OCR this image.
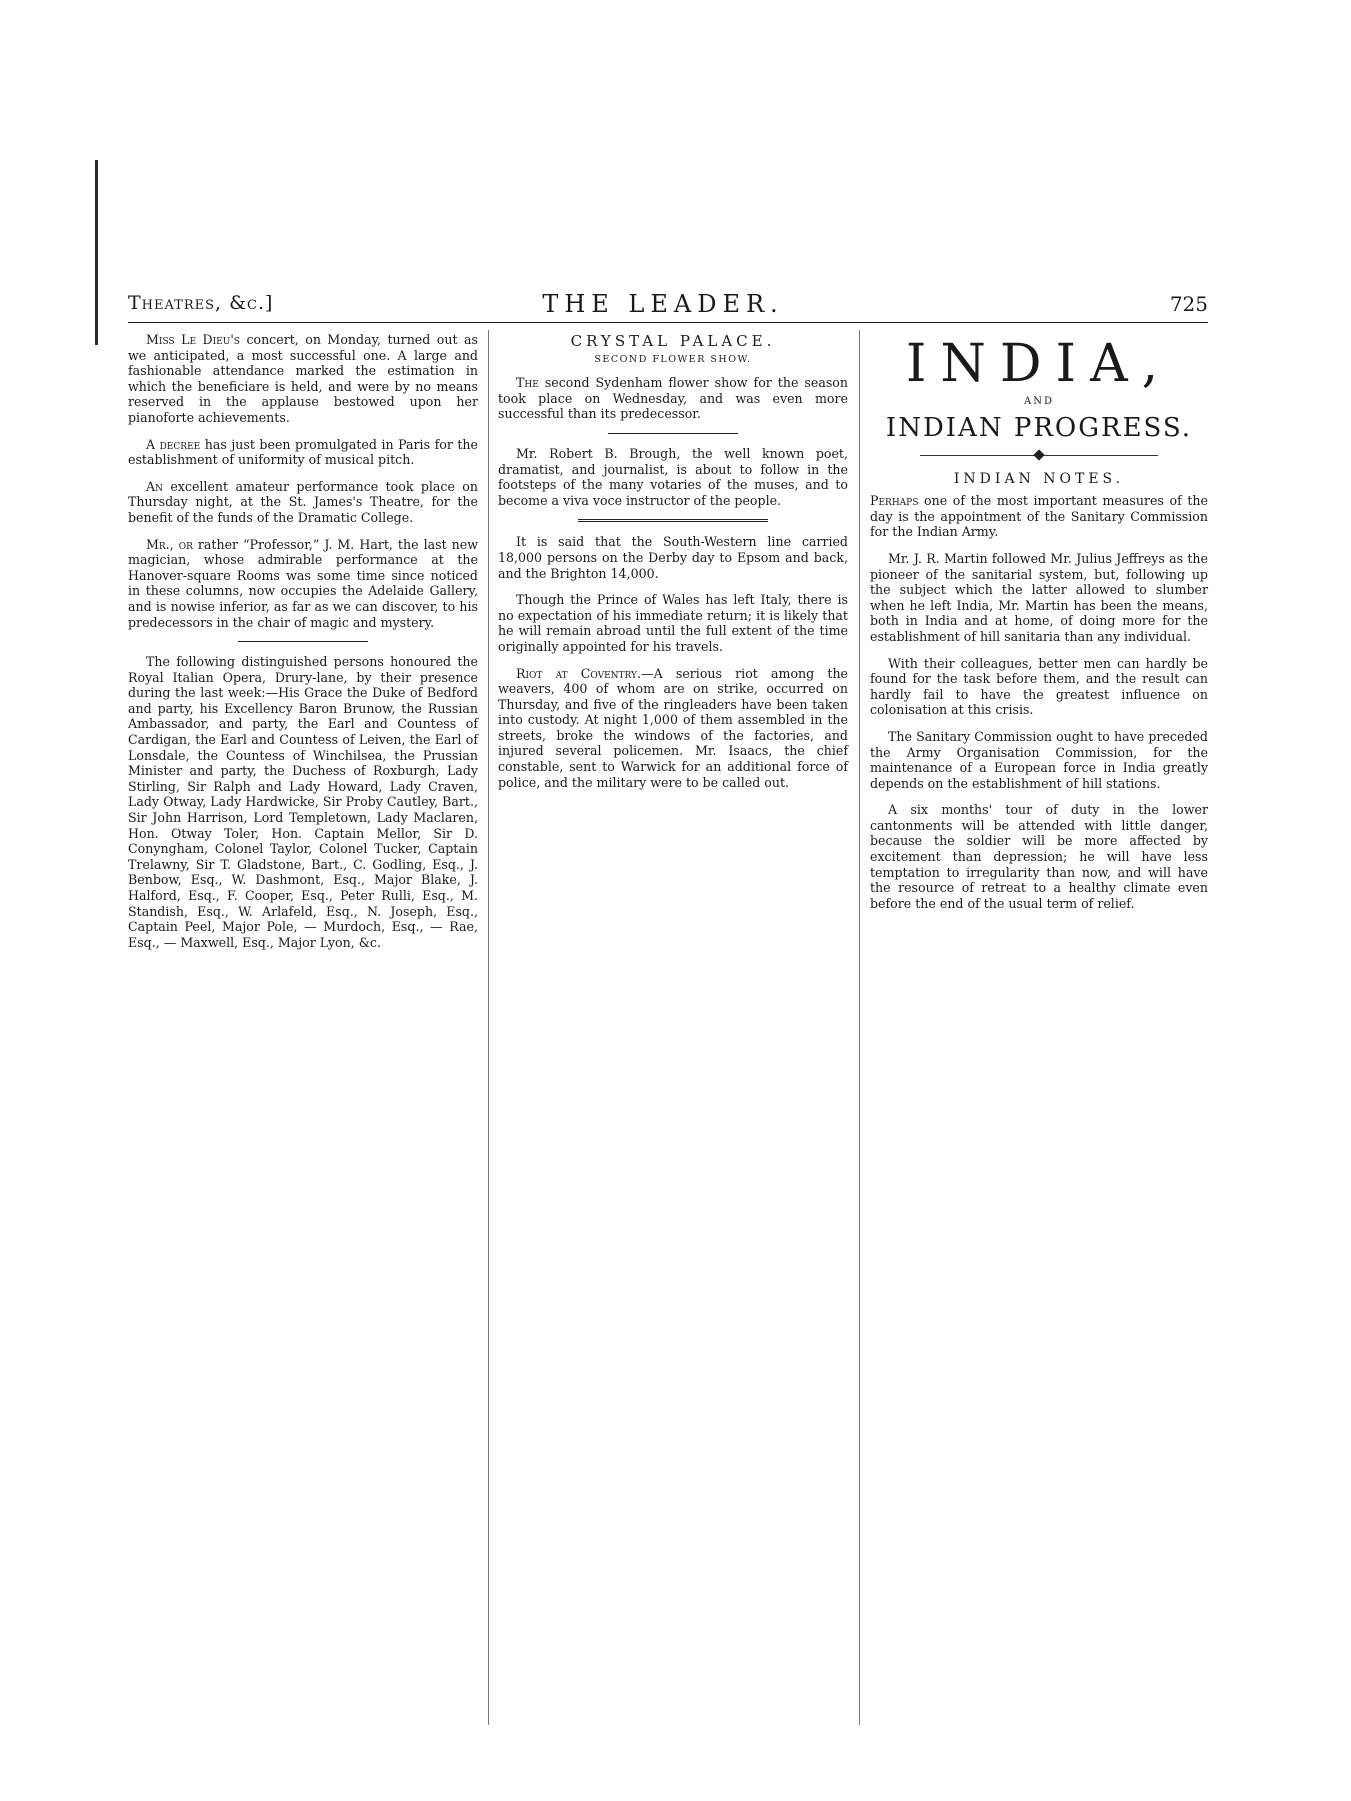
Theatres, &c.]	THE LEADER.	725

Miss Le Dieu's concert, on Monday, turned out as we anticipated, a most successful one. A large and fashionable attendance marked the estimation in which the beneficiare is held, and were by no means reserved in the applause bestowed upon her pianoforte achievements.

A decree has just been promulgated in Paris for the establishment of uniformity of musical pitch.

An excellent amateur performance took place on Thursday night, at the St. James's Theatre, for the benefit of the funds of the Dramatic College.

Mr., or rather “Professor,” J. M. Hart, the last new magician, whose admirable performance at the Hanover-square Rooms was some time since noticed in these columns, now occupies the Adelaide Gallery, and is nowise inferior, as far as we can discover, to his predecessors in the chair of magic and mystery.

The following distinguished persons honoured the Royal Italian Opera, Drury-lane, by their presence during the last week:—His Grace the Duke of Bedford and party, his Excellency Baron Brunow, the Russian Ambassador, and party, the Earl and Countess of Cardigan, the Earl and Countess of Leiven, the Earl of Lonsdale, the Countess of Winchilsea, the Prussian Minister and party, the Duchess of Roxburgh, Lady Stirling, Sir Ralph and Lady Howard, Lady Craven, Lady Otway, Lady Hardwicke, Sir Proby Cautley, Bart., Sir John Harrison, Lord Templetown, Lady Maclaren, Hon. Otway Toler, Hon. Captain Mellor, Sir D. Conyngham, Colonel Taylor, Colonel Tucker, Captain Trelawny, Sir T. Gladstone, Bart., C. Godling, Esq., J. Benbow, Esq., W. Dashmont, Esq., Major Blake, J. Halford, Esq., F. Cooper, Esq., Peter Rulli, Esq., M. Standish, Esq., W. Arlafeld, Esq., N. Joseph, Esq., Captain Peel, Major Pole, — Murdoch, Esq., — Rae, Esq., — Maxwell, Esq., Major Lyon, &c.

CRYSTAL PALACE.
SECOND FLOWER SHOW.

The second Sydenham flower show for the season took place on Wednesday, and was even more successful than its predecessor.

Mr. Robert B. Brough, the well known poet, dramatist, and journalist, is about to follow in the footsteps of the many votaries of the muses, and to become a viva voce instructor of the people.

It is said that the South-Western line carried 18,000 persons on the Derby day to Epsom and back, and the Brighton 14,000.

Though the Prince of Wales has left Italy, there is no expectation of his immediate return; it is likely that he will remain abroad until the full extent of the time originally appointed for his travels.

Riot at Coventry.—A serious riot among the weavers, 400 of whom are on strike, occurred on Thursday, and five of the ringleaders have been taken into custody. At night 1,000 of them assembled in the streets, broke the windows of the factories, and injured several policemen. Mr. Isaacs, the chief constable, sent to Warwick for an additional force of police, and the military were to be called out.

INDIA,
AND
INDIAN PROGRESS.
INDIAN NOTES.

Perhaps one of the most important measures of the day is the appointment of the Sanitary Commission for the Indian Army.

Mr. J. R. Martin followed Mr. Julius Jeffreys as the pioneer of the sanitarial system, but, following up the subject which the latter allowed to slumber when he left India, Mr. Martin has been the means, both in India and at home, of doing more for the establishment of hill sanitaria than any individual.

With their colleagues, better men can hardly be found for the task before them, and the result can hardly fail to have the greatest influence on colonisation at this crisis.

The Sanitary Commission ought to have preceded the Army Organisation Commission, for the maintenance of a European force in India greatly depends on the establishment of hill stations.

A six months' tour of duty in the lower cantonments will be attended with little danger, because the soldier will be more affected by excitement than depression; he will have less temptation to irregularity than now, and will have the resource of retreat to a healthy climate even before the end of the usual term of relief.
